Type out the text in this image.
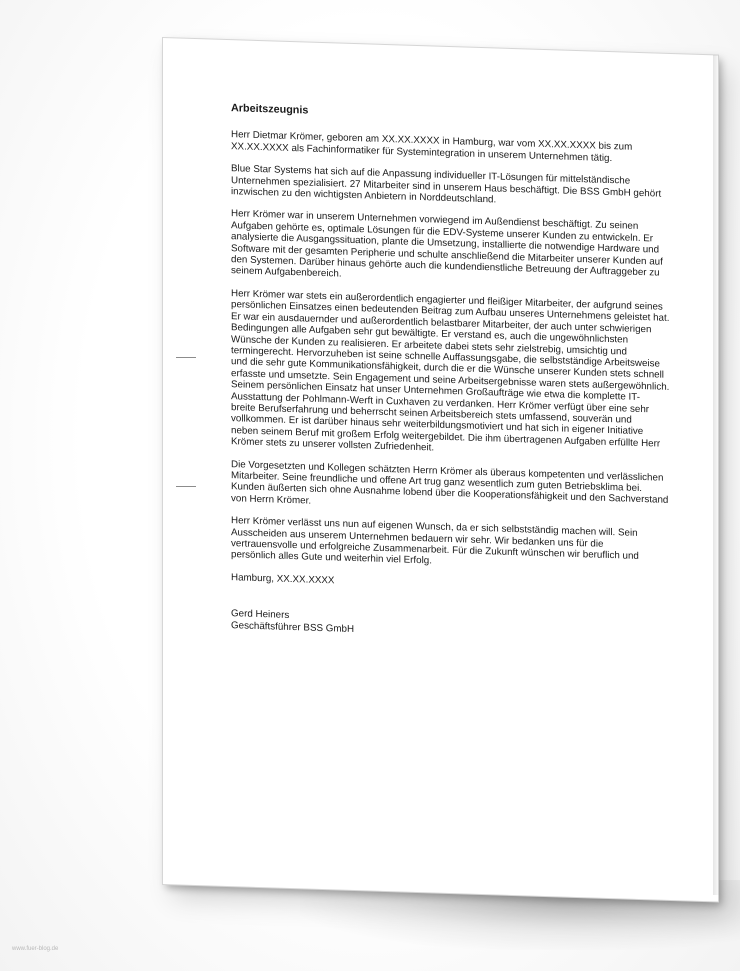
Arbeitszeugnis

Herr Dietmar Krömer, geboren am XX.XX.XXXX in Hamburg, war vom XX.XX.XXXX bis zum XX.XX.XXXX als Fachinformatiker für Systemintegration in unserem Unternehmen tätig.

Blue Star Systems hat sich auf die Anpassung individueller IT-Lösungen für mittelständische Unternehmen spezialisiert. 27 Mitarbeiter sind in unserem Haus beschäftigt. Die BSS GmbH gehört inzwischen zu den wichtigsten Anbietern in Norddeutschland.

Herr Krömer war in unserem Unternehmen vorwiegend im Außendienst beschäftigt. Zu seinen Aufgaben gehörte es, optimale Lösungen für die EDV-Systeme unserer Kunden zu entwickeln. Er analysierte die Ausgangssituation, plante die Umsetzung, installierte die notwendige Hardware und Software mit der gesamten Peripherie und schulte anschließend die Mitarbeiter unserer Kunden auf den Systemen. Darüber hinaus gehörte auch die kundendienstliche Betreuung der Auftraggeber zu seinem Aufgabenbereich.

Herr Krömer war stets ein außerordentlich engagierter und fleißiger Mitarbeiter, der aufgrund seines persönlichen Einsatzes einen bedeutenden Beitrag zum Aufbau unseres Unternehmens geleistet hat. Er war ein ausdauernder und außerordentlich belastbarer Mitarbeiter, der auch unter schwierigen Bedingungen alle Aufgaben sehr gut bewältigte. Er verstand es, auch die ungewöhnlichsten Wünsche der Kunden zu realisieren. Er arbeitete dabei stets sehr zielstrebig, umsichtig und termingerecht. Hervorzuheben ist seine schnelle Auffassungsgabe, die selbstständige Arbeitsweise und die sehr gute Kommunikationsfähigkeit, durch die er die Wünsche unserer Kunden stets schnell erfasste und umsetzte. Sein Engagement und seine Arbeitsergebnisse waren stets außergewöhnlich. Seinem persönlichen Einsatz hat unser Unternehmen Großaufträge wie etwa die komplette IT-Ausstattung der Pohlmann-Werft in Cuxhaven zu verdanken. Herr Krömer verfügt über eine sehr breite Berufserfahrung und beherrscht seinen Arbeitsbereich stets umfassend, souverän und vollkommen. Er ist darüber hinaus sehr weiterbildungsmotiviert und hat sich in eigener Initiative neben seinem Beruf mit großem Erfolg weitergebildet. Die ihm übertragenen Aufgaben erfüllte Herr Krömer stets zu unserer vollsten Zufriedenheit.

Die Vorgesetzten und Kollegen schätzten Herrn Krömer als überaus kompetenten und verlässlichen Mitarbeiter. Seine freundliche und offene Art trug ganz wesentlich zum guten Betriebsklima bei. Kunden äußerten sich ohne Ausnahme lobend über die Kooperationsfähigkeit und den Sachverstand von Herrn Krömer.

Herr Krömer verlässt uns nun auf eigenen Wunsch, da er sich selbstständig machen will. Sein Ausscheiden aus unserem Unternehmen bedauern wir sehr. Wir bedanken uns für die vertrauensvolle und erfolgreiche Zusammenarbeit. Für die Zukunft wünschen wir beruflich und persönlich alles Gute und weiterhin viel Erfolg.

Hamburg, XX.XX.XXXX

Gerd Heiners

Geschäftsführer BSS GmbH

www.fuer-blog.de
